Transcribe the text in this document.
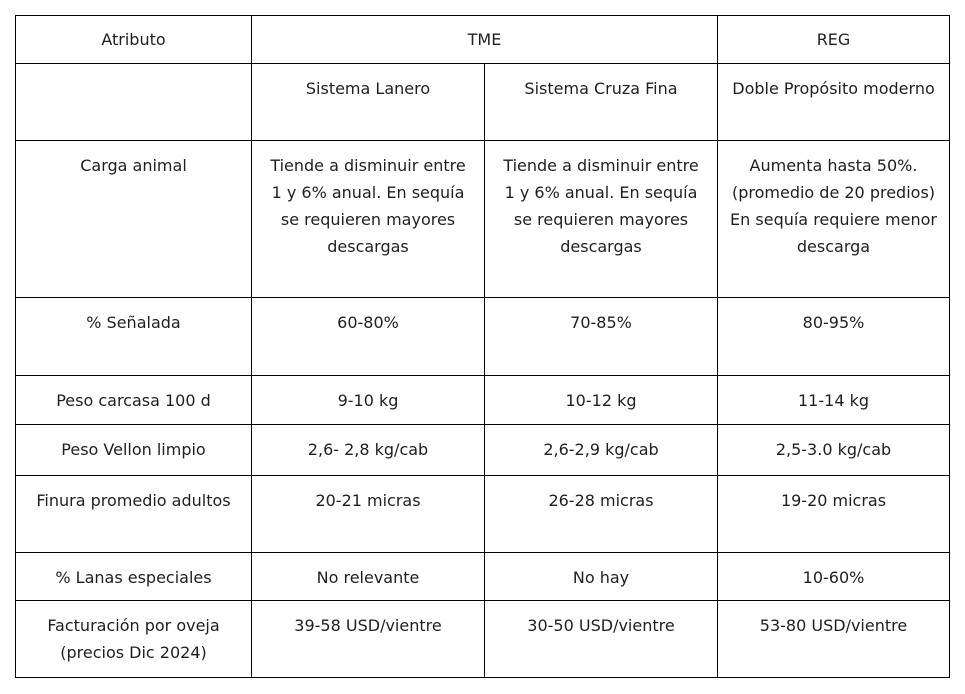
Atributo	TME		REG
	Sistema Lanero	Sistema Cruza Fina	Doble Propósito moderno
Carga animal	Tiende a disminuir entre 1 y 6% anual. En sequía se requieren mayores descargas	Tiende a disminuir entre 1 y 6% anual. En sequía se requieren mayores descargas	Aumenta hasta 50%. (promedio de 20 predios) En sequía requiere menor descarga
% Señalada	60-80%	70-85%	80-95%
Peso carcasa 100 d	9-10 kg	10-12 kg	11-14 kg
Peso Vellon limpio	2,6- 2,8 kg/cab	2,6-2,9 kg/cab	2,5-3.0 kg/cab
Finura promedio adultos	20-21 micras	26-28 micras	19-20 micras
% Lanas especiales	No relevante	No hay	10-60%
Facturación por oveja (precios Dic 2024)	39-58 USD/vientre	30-50 USD/vientre	53-80 USD/vientre
